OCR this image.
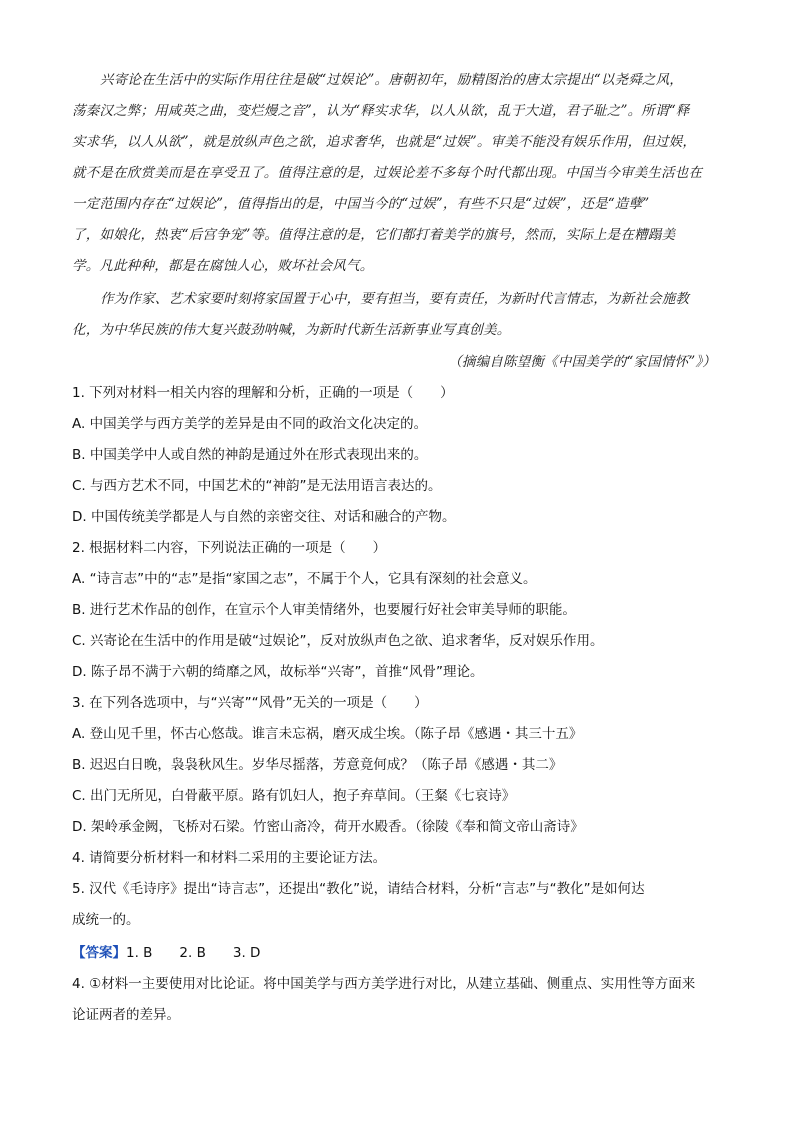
兴寄论在生活中的实际作用往往是破“过娱论”。唐朝初年，励精图治的唐太宗提出“以尧舜之风，
荡秦汉之弊；用咸英之曲，变烂熳之音”，认为“释实求华，以人从欲，乱于大道，君子耻之”。所谓“释
实求华，以人从欲”，就是放纵声色之欲，追求奢华，也就是“过娱”。审美不能没有娱乐作用，但过娱，
就不是在欣赏美而是在享受丑了。值得注意的是，过娱论差不多每个时代都出现。中国当今审美生活也在
一定范围内存在“过娱论”，值得指出的是，中国当今的“过娱”，有些不只是“过娱”，还是“造孽”
了，如娘化，热衷“后宫争宠”等。值得注意的是，它们都打着美学的旗号，然而，实际上是在糟蹋美
学。凡此种种，都是在腐蚀人心，败坏社会风气。
作为作家、艺术家要时刻将家国置于心中，要有担当，要有责任，为新时代言情志，为新社会施教
化，为中华民族的伟大复兴鼓劲呐喊，为新时代新生活新事业写真创美。
（摘编自陈望衡《中国美学的“家国情怀”》）
1. 下列对材料一相关内容的理解和分析，正确的一项是（　　）
A. 中国美学与西方美学的差异是由不同的政治文化决定的。
B. 中国美学中人或自然的神韵是通过外在形式表现出来的。
C. 与西方艺术不同，中国艺术的“神韵”是无法用语言表达的。
D. 中国传统美学都是人与自然的亲密交往、对话和融合的产物。
2. 根据材料二内容，下列说法正确的一项是（　　）
A. “诗言志”中的“志”是指“家国之志”，不属于个人，它具有深刻的社会意义。
B. 进行艺术作品的创作，在宣示个人审美情绪外，也要履行好社会审美导师的职能。
C. 兴寄论在生活中的作用是破“过娱论”，反对放纵声色之欲、追求奢华，反对娱乐作用。
D. 陈子昂不满于六朝的绮靡之风，故标举“兴寄”，首推“风骨”理论。
3. 在下列各选项中，与“兴寄”“风骨”无关的一项是（　　）
A. 登山见千里，怀古心悠哉。谁言未忘祸，磨灭成尘埃。（陈子昂《感遇・其三十五》
B. 迟迟白日晚，袅袅秋风生。岁华尽摇落，芳意竟何成？（陈子昂《感遇・其二》
C. 出门无所见，白骨蔽平原。路有饥妇人，抱子弃草间。（王粲《七哀诗》
D. 架岭承金阙，飞桥对石梁。竹密山斋冷，荷开水殿香。（徐陵《奉和简文帝山斋诗》
4. 请简要分析材料一和材料二采用的主要论证方法。
5. 汉代《毛诗序》提出“诗言志”，还提出“教化”说，请结合材料，分析“言志”与“教化”是如何达
成统一的。
【答案】1. B　　2. B　　3. D
4. ①材料一主要使用对比论证。将中国美学与西方美学进行对比，从建立基础、侧重点、实用性等方面来
论证两者的差异。
